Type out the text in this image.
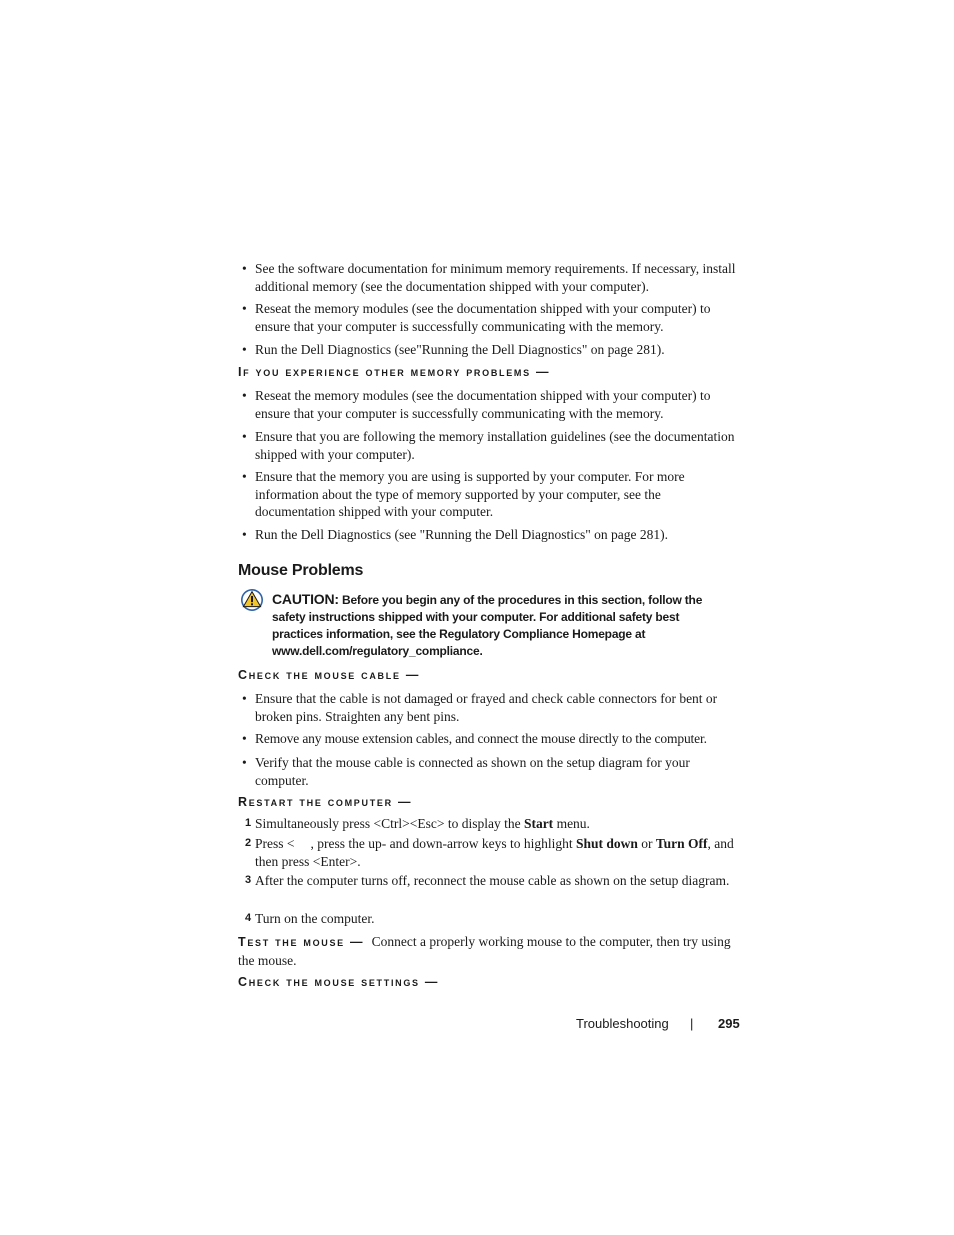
• See the software documentation for minimum memory requirements. If necessary, install additional memory (see the documentation shipped with your computer).
• Reseat the memory modules (see the documentation shipped with your computer) to ensure that your computer is successfully communicating with the memory.
• Run the Dell Diagnostics (see"Running the Dell Diagnostics" on page 281).
If you experience other memory problems —
• Reseat the memory modules (see the documentation shipped with your computer) to ensure that your computer is successfully communicating with the memory.
• Ensure that you are following the memory installation guidelines (see the documentation shipped with your computer).
• Ensure that the memory you are using is supported by your computer. For more information about the type of memory supported by your computer, see the documentation shipped with your computer.
• Run the Dell Diagnostics (see "Running the Dell Diagnostics" on page 281).
Mouse Problems
CAUTION: Before you begin any of the procedures in this section, follow the safety instructions shipped with your computer. For additional safety best practices information, see the Regulatory Compliance Homepage at www.dell.com/regulatory_compliance.
Check the mouse cable —
• Ensure that the cable is not damaged or frayed and check cable connectors for bent or broken pins. Straighten any bent pins.
• Remove any mouse extension cables, and connect the mouse directly to the computer.
• Verify that the mouse cable is connected as shown on the setup diagram for your computer.
Restart the computer —
1 Simultaneously press <Ctrl><Esc> to display the Start menu.
2 Press < , press the up- and down-arrow keys to highlight Shut down or Turn Off, and then press <Enter>.
3 After the computer turns off, reconnect the mouse cable as shown on the setup diagram.
4 Turn on the computer.
Test the mouse — Connect a properly working mouse to the computer, then try using the mouse.
Check the mouse settings —
Troubleshooting | 295
